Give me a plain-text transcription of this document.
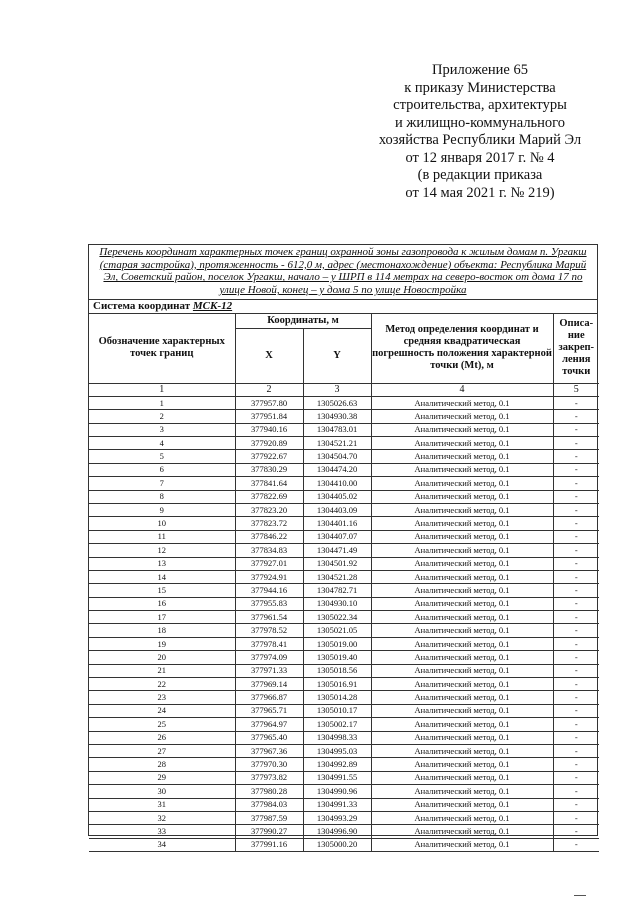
Приложение 65
к приказу Министерства
строительства, архитектуры
и жилищно-коммунального
хозяйства Республики Марий Эл
от 12 января 2017 г. № 4
(в редакции приказа
от 14 мая 2021 г. № 219)
Перечень координат характерных точек границ охранной зоны газопровода к жилым домам п. Ургакш (старая застройка), протяженность - 612,0 м, адрес (местонахождение) объекта: Республика Марий Эл, Советский район, поселок Ургакш, начало – у ШРП в 114 метрах на северо-восток от дома 17 по улице Новой, конец – у дома 5 по улице Новостройка
Система координат МСК-12
Обозначение характерных точек границ	Координаты, м		Метод определения координат и средняя квадратическая погрешность положения характерной точки (Mt), м	Описа-ние закреп-ления точки
	X	Y		
1	2	3	4	5
1	377957.80	1305026.63	Аналитический метод, 0.1	-
2	377951.84	1304930.38	Аналитический метод, 0.1	-
3	377940.16	1304783.01	Аналитический метод, 0.1	-
4	377920.89	1304521.21	Аналитический метод, 0.1	-
5	377922.67	1304504.70	Аналитический метод, 0.1	-
6	377830.29	1304474.20	Аналитический метод, 0.1	-
7	377841.64	1304410.00	Аналитический метод, 0.1	-
8	377822.69	1304405.02	Аналитический метод, 0.1	-
9	377823.20	1304403.09	Аналитический метод, 0.1	-
10	377823.72	1304401.16	Аналитический метод, 0.1	-
11	377846.22	1304407.07	Аналитический метод, 0.1	-
12	377834.83	1304471.49	Аналитический метод, 0.1	-
13	377927.01	1304501.92	Аналитический метод, 0.1	-
14	377924.91	1304521.28	Аналитический метод, 0.1	-
15	377944.16	1304782.71	Аналитический метод, 0.1	-
16	377955.83	1304930.10	Аналитический метод, 0.1	-
17	377961.54	1305022.34	Аналитический метод, 0.1	-
18	377978.52	1305021.05	Аналитический метод, 0.1	-
19	377978.41	1305019.00	Аналитический метод, 0.1	-
20	377974.09	1305019.40	Аналитический метод, 0.1	-
21	377971.33	1305018.56	Аналитический метод, 0.1	-
22	377969.14	1305016.91	Аналитический метод, 0.1	-
23	377966.87	1305014.28	Аналитический метод, 0.1	-
24	377965.71	1305010.17	Аналитический метод, 0.1	-
25	377964.97	1305002.17	Аналитический метод, 0.1	-
26	377965.40	1304998.33	Аналитический метод, 0.1	-
27	377967.36	1304995.03	Аналитический метод, 0.1	-
28	377970.30	1304992.89	Аналитический метод, 0.1	-
29	377973.82	1304991.55	Аналитический метод, 0.1	-
30	377980.28	1304990.96	Аналитический метод, 0.1	-
31	377984.03	1304991.33	Аналитический метод, 0.1	-
32	377987.59	1304993.29	Аналитический метод, 0.1	-
33	377990.27	1304996.90	Аналитический метод, 0.1	-
34	377991.16	1305000.20	Аналитический метод, 0.1	-
